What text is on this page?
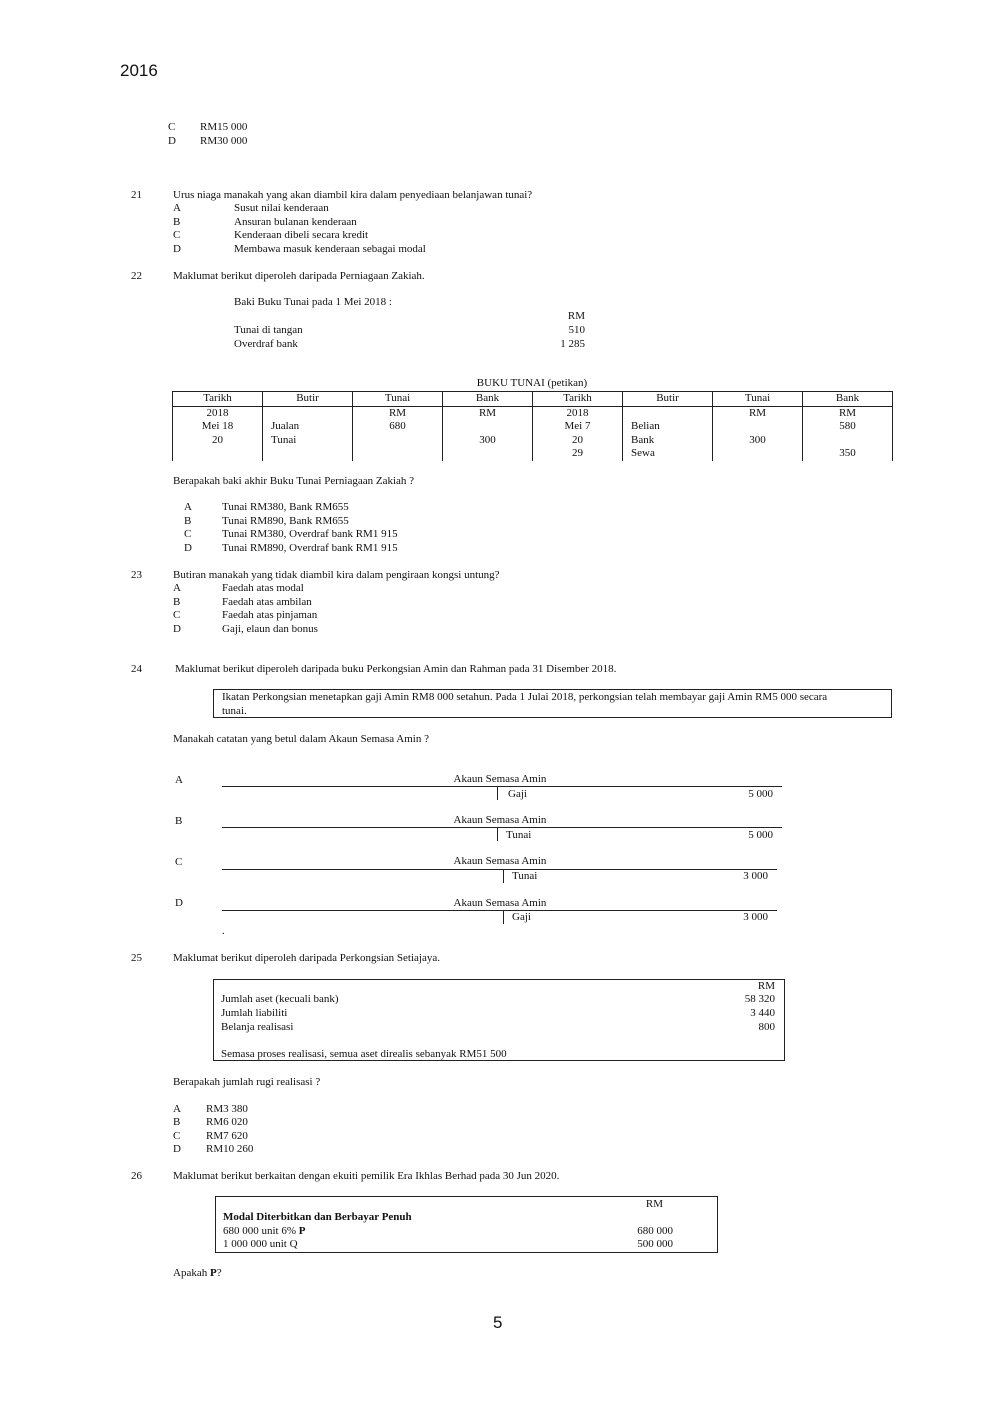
2016
C RM15 000
D RM30 000
21	Urus niaga manakah yang akan diambil kira dalam penyediaan belanjawan tunai?
A	Susut nilai kenderaan
B	Ansuran bulanan kenderaan
C	Kenderaan dibeli secara kredit
D	Membawa masuk kenderaan sebagai modal
22	Maklumat berikut diperoleh daripada Perniagaan Zakiah.
Baki Buku Tunai pada 1 Mei 2018 :
RM
Tunai di tangan	510
Overdraf bank	1 285
BUKU TUNAI (petikan)
Tarikh	Butir	Tunai	Bank	Tarikh	Butir	Tunai	Bank
2018		RM	RM	2018		RM	RM
Mei 18	Jualan	680		Mei 7	Belian		580
20	Tunai		300	20	Bank	300	
				29	Sewa		350
Berapakah baki akhir Buku Tunai Perniagaan Zakiah ?
A	Tunai RM380, Bank RM655
B	Tunai RM890, Bank RM655
C	Tunai RM380, Overdraf bank RM1 915
D	Tunai RM890, Overdraf bank RM1 915
23	Butiran manakah yang tidak diambil kira dalam pengiraan kongsi untung?
A	Faedah atas modal
B	Faedah atas ambilan
C	Faedah atas pinjaman
D	Gaji, elaun dan bonus
24	Maklumat berikut diperoleh daripada buku Perkongsian Amin dan Rahman pada 31 Disember 2018.
Ikatan Perkongsian menetapkan gaji Amin RM8 000 setahun. Pada 1 Julai 2018, perkongsian telah membayar gaji Amin RM5 000 secara
tunai.
Manakah catatan yang betul dalam Akaun Semasa Amin ?
A	Akaun Semasa Amin
Gaji	5 000
B	Akaun Semasa Amin
Tunai	5 000
C	Akaun Semasa Amin
Tunai	3 000
D	Akaun Semasa Amin
Gaji	3 000
.
25	Maklumat berikut diperoleh daripada Perkongsian Setiajaya.
RM
Jumlah aset (kecuali bank)	58 320
Jumlah liabiliti	3 440
Belanja realisasi	800
Semasa proses realisasi, semua aset direalis sebanyak RM51 500
Berapakah jumlah rugi realisasi ?
A RM3 380
B RM6 020
C RM7 620
D RM10 260
26	Maklumat berikut berkaitan dengan ekuiti pemilik Era Ikhlas Berhad pada 30 Jun 2020.
RM
Modal Diterbitkan dan Berbayar Penuh
680 000 unit 6% P	680 000
1 000 000 unit Q	500 000
Apakah P?
5
